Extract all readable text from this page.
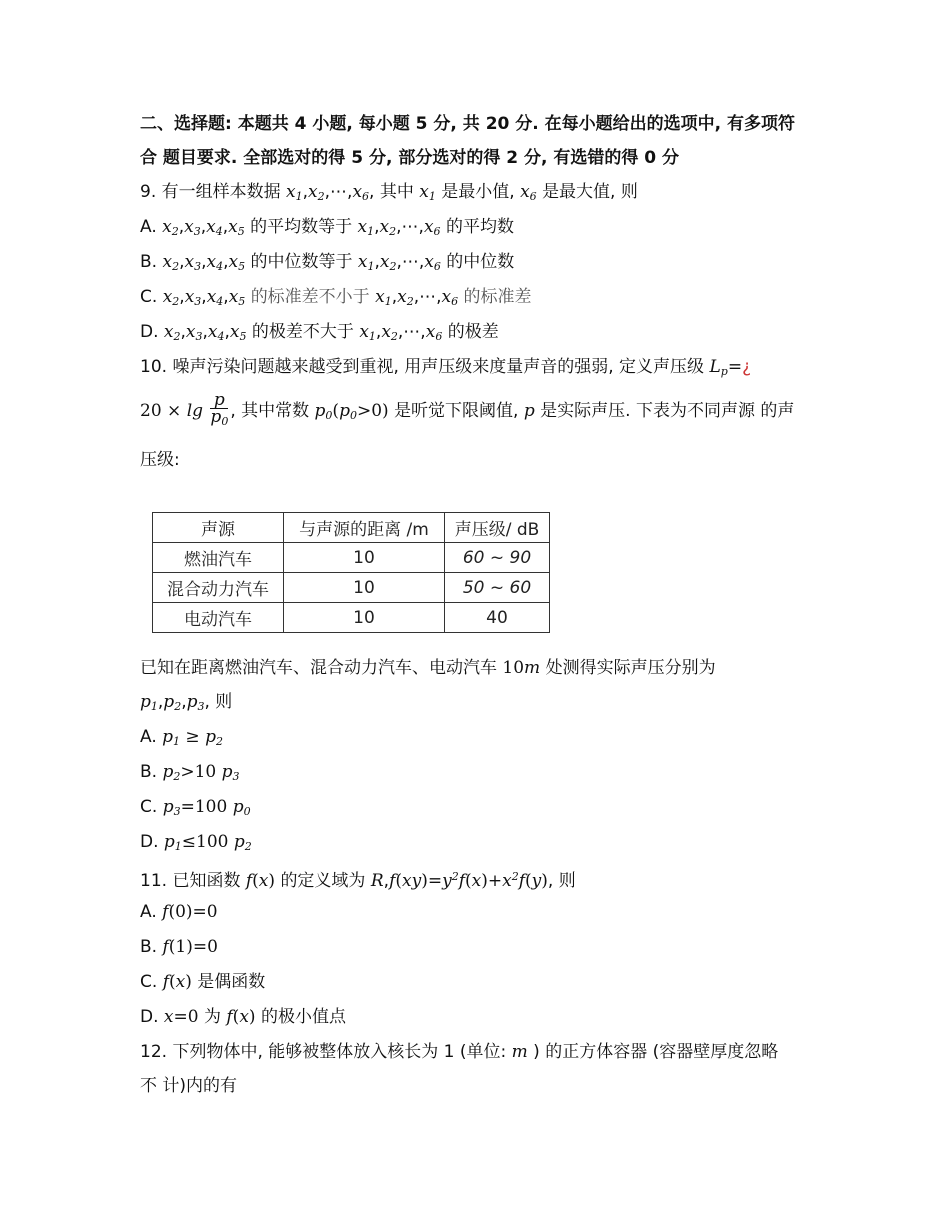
二、选择题: 本题共 4 小题, 每小题 5 分, 共 20 分. 在每小题给出的选项中, 有多项符
合 题目要求. 全部选对的得 5 分, 部分选对的得 2 分, 有选错的得 0 分
9. 有一组样本数据 $x_1,x_2,\cdots,x_6$, 其中 $x_1$ 是最小值, $x_6$ 是最大值, 则
A. $x_2,x_3,x_4,x_5$ 的平均数等于 $x_1,x_2,\cdots,x_6$ 的平均数
B. $x_2,x_3,x_4,x_5$ 的中位数等于 $x_1,x_2,\cdots,x_6$ 的中位数
C. $x_2,x_3,x_4,x_5$ 的标准差不小于 $x_1,x_2,\cdots,x_6$ 的标准差
D. $x_2,x_3,x_4,x_5$ 的极差不大于 $x_1,x_2,\cdots,x_6$ 的极差
10. 噪声污染问题越来越受到重视, 用声压级来度量声音的强弱, 定义声压级 $L_p=¿$
$20 \times \lg \frac{p}{p_0}$ , 其中常数 $p_0(p_0>0)$ 是听觉下限阈值, p 是实际声压. 下表为不同声源 的声
压级:
声源	与声源的距离 /m	声压级/ dB
燃油汽车	10	60 ~ 90
混合动力汽车	10	50 ~ 60
电动汽车	10	40
已知在距离燃油汽车、混合动力汽车、电动汽车 10m 处测得实际声压分别为
$p_1,p_2,p_3$, 则
A. $p_1 \ge p_2$
B. $p_2>10$ $p_3$
C. $p_3=100$ $p_0$
D. $p_1\le 100$ $p_2$
11. 已知函数 f(x) 的定义域为 $R,f(xy)=y^2f(x)+x^2f(y)$, 则
A. f(0)=0
B. f(1)=0
C. f(x) 是偶函数
D. x=0 为 f(x) 的极小值点
12. 下列物体中, 能够被整体放入核长为 1 (单位: m ) 的正方体容器 (容器壁厚度忽略
不 计)内的有
